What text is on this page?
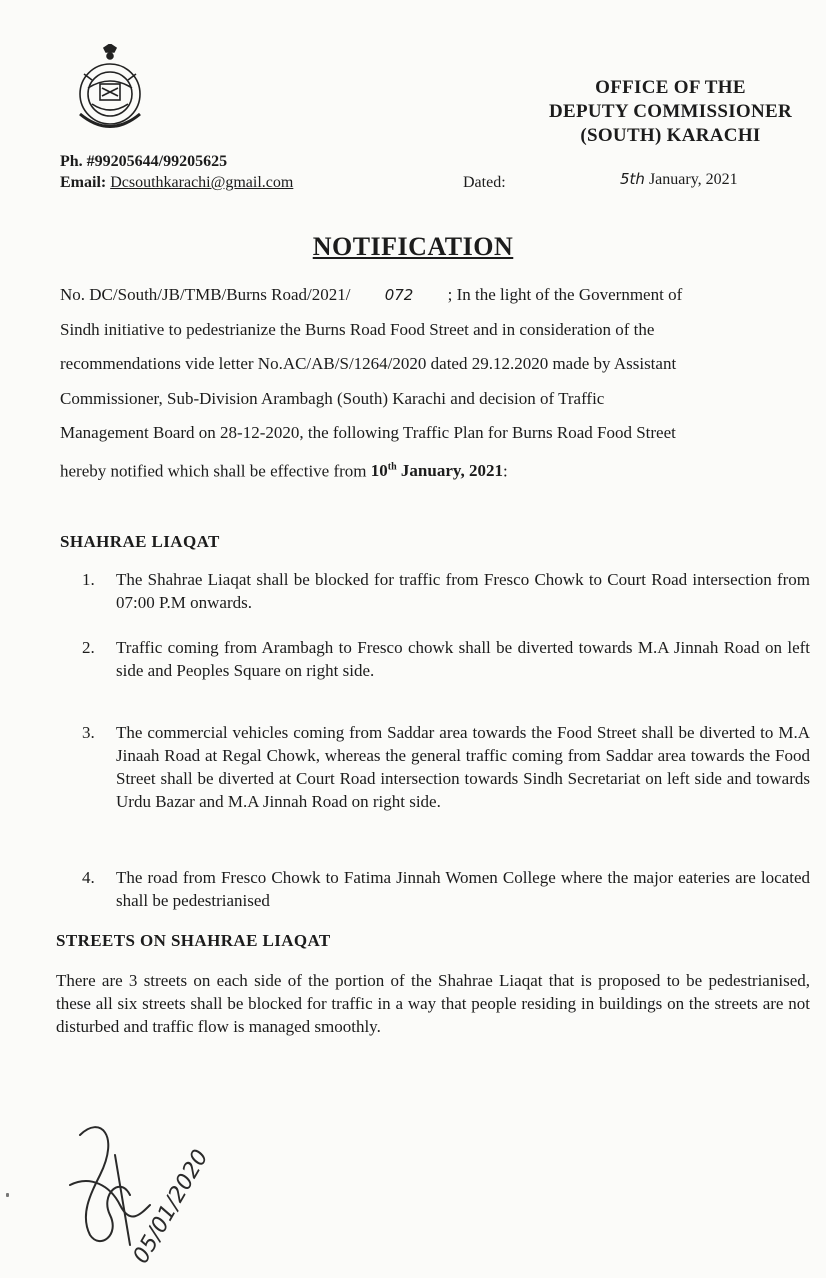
OFFICE OF THE
DEPUTY COMMISSIONER
(SOUTH) KARACHI
Ph. #99205644/99205625
Email: Dcsouthkarachi@gmail.com	Dated:	5th January, 2021
NOTIFICATION
No. DC/South/JB/TMB/Burns Road/2021/ 072 ; In the light of the Government of
Sindh initiative to pedestrianize the Burns Road Food Street and in consideration of the
recommendations vide letter No.AC/AB/S/1264/2020 dated 29.12.2020 made by Assistant
Commissioner, Sub-Division Arambagh (South) Karachi and decision of Traffic
Management Board on 28-12-2020, the following Traffic Plan for Burns Road Food Street
hereby notified which shall be effective from 10th January, 2021:
SHAHRAE LIAQAT
1. The Shahrae Liaqat shall be blocked for traffic from Fresco Chowk to Court Road intersection from 07:00 P.M onwards.
2. Traffic coming from Arambagh to Fresco chowk shall be diverted towards M.A Jinnah Road on left side and Peoples Square on right side.
3. The commercial vehicles coming from Saddar area towards the Food Street shall be diverted to M.A Jinaah Road at Regal Chowk, whereas the general traffic coming from Saddar area towards the Food Street shall be diverted at Court Road intersection towards Sindh Secretariat on left side and towards Urdu Bazar and M.A Jinnah Road on right side.
4. The road from Fresco Chowk to Fatima Jinnah Women College where the major eateries are located shall be pedestrianised
STREETS ON SHAHRAE LIAQAT
There are 3 streets on each side of the portion of the Shahrae Liaqat that is proposed to be pedestrianised, these all six streets shall be blocked for traffic in a way that people residing in buildings on the streets are not disturbed and traffic flow is managed smoothly.
05/01/2020
